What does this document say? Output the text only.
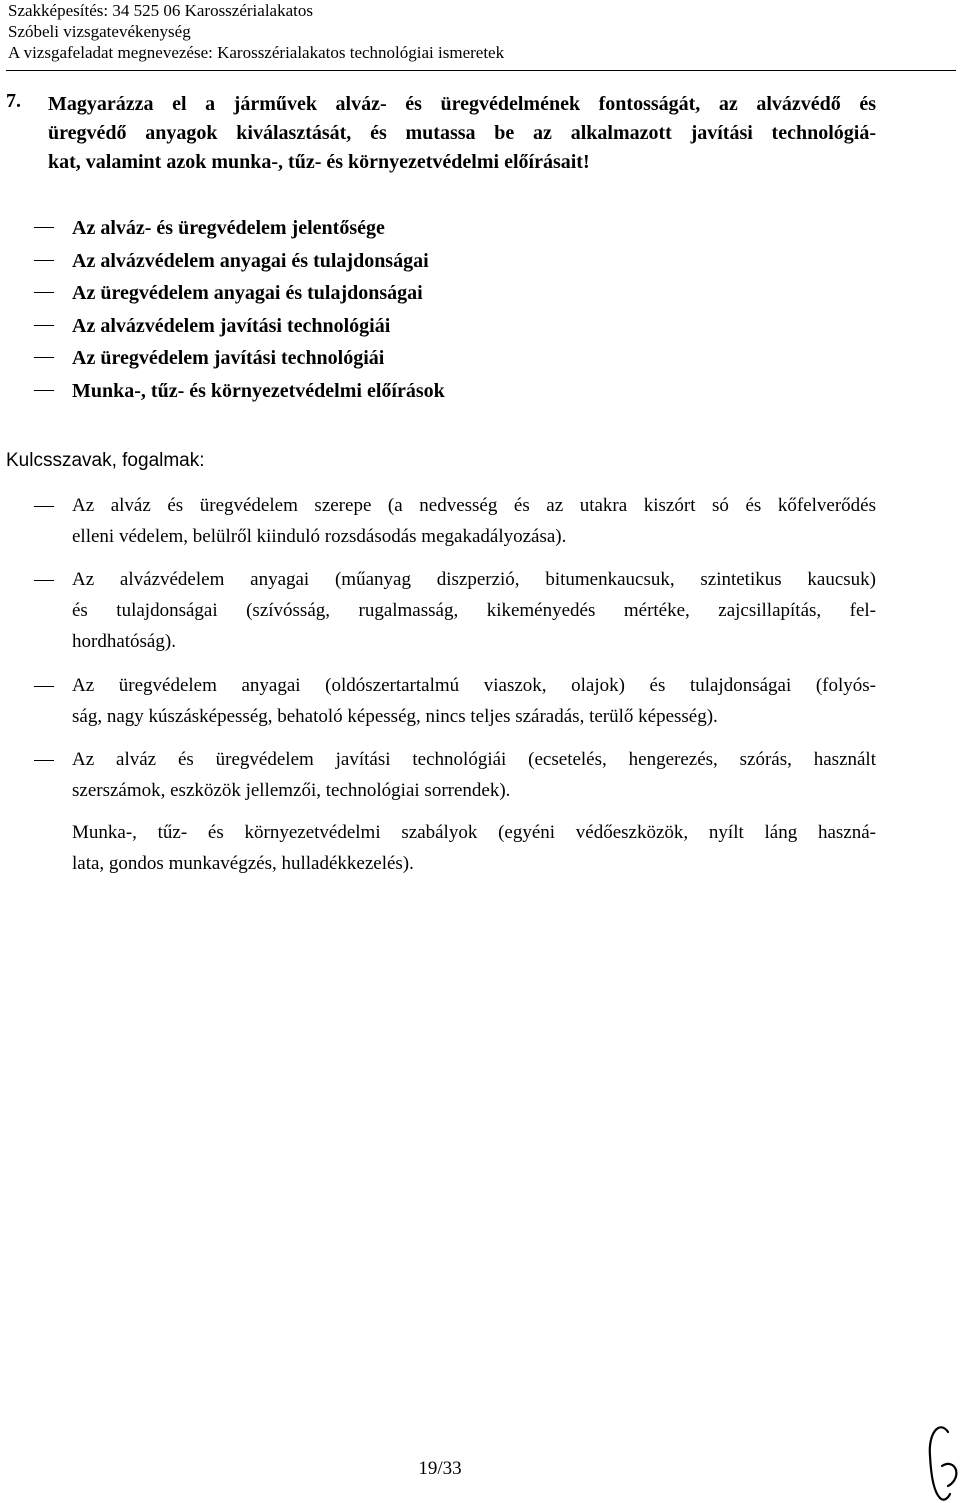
Szakképesítés: 34 525 06 Karosszérialakatos
Szóbeli vizsgatevékenység
A vizsgafeladat megnevezése: Karosszérialakatos technológiai ismeretek
7. Magyarázza el a járművek alváz- és üregvédelmének fontosságát, az alvázvédő és
üregvédő anyagok kiválasztását, és mutassa be az alkalmazott javítási technológiá-
kat, valamint azok munka-, tűz- és környezetvédelmi előírásait!
Az alváz- és üregvédelem jelentősége
Az alvázvédelem anyagai és tulajdonságai
Az üregvédelem anyagai és tulajdonságai
Az alvázvédelem javítási technológiái
Az üregvédelem javítási technológiái
Munka-, tűz- és környezetvédelmi előírások
Kulcsszavak, fogalmak:
Az alváz és üregvédelem szerepe (a nedvesség és az utakra kiszórt só és kőfelverődés
elleni védelem, belülről kiinduló rozsdásodás megakadályozása).
Az alvázvédelem anyagai (műanyag diszperzió, bitumenkaucsuk, szintetikus kaucsuk)
és tulajdonságai (szívósság, rugalmasság, kikeményedés mértéke, zajcsillapítás, fel-
hordhatóság).
Az üregvédelem anyagai (oldószertartalmú viaszok, olajok) és tulajdonságai (folyós-
ság, nagy kúszásképesség, behatoló képesség, nincs teljes száradás, terülő képesség).
Az alváz és üregvédelem javítási technológiái (ecsetelés, hengerezés, szórás, használt
szerszámok, eszközök jellemzői, technológiai sorrendek).
Munka-, tűz- és környezetvédelmi szabályok (egyéni védőeszközök, nyílt láng haszná-
lata, gondos munkavégzés, hulladékkezelés).
19/33
